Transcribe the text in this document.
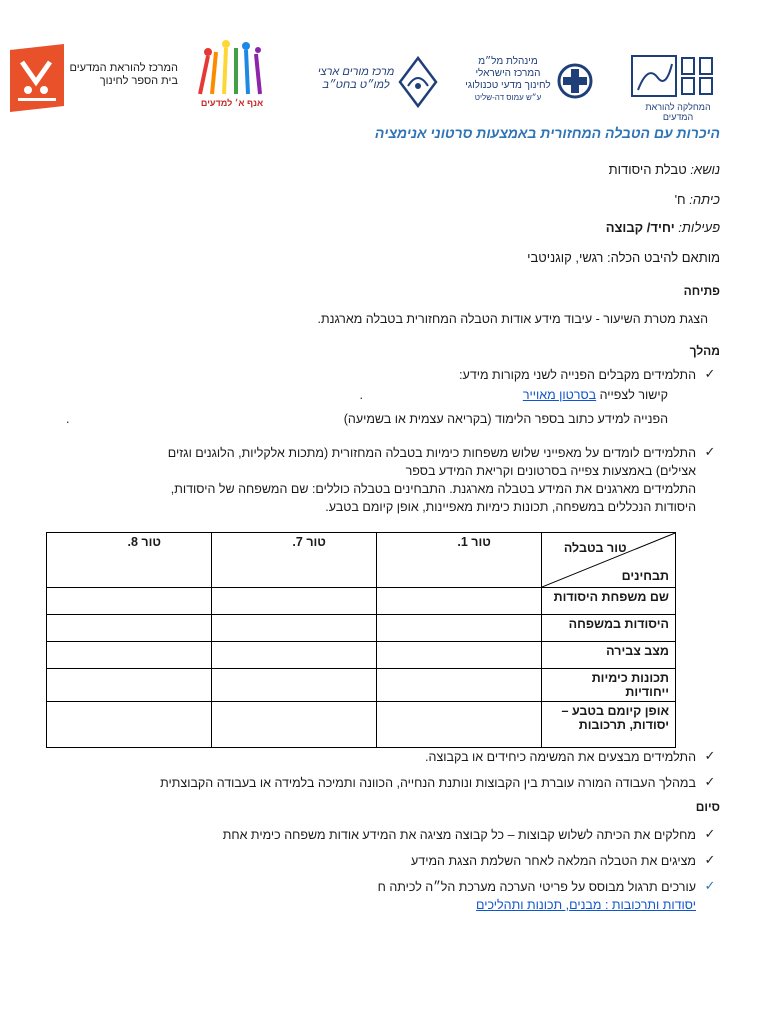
המרכז להוראת המדעים
בית הספר לחינוך
אנף א׳ למדעים
מרכז מורים ארצי
למו״ט בחט״ב
מינהלת מל״מ
המרכז הישראלי
לחינוך מדעי טכנולוגי
ע״ש עמוס דה-שליט
המחלקה להוראת המדעים
היכרות עם הטבלה המחזורית באמצעות סרטוני אנימציה
נושא: טבלת היסודות
כיתה: ח'
פעילות: יחיד/ קבוצה
מותאם להיבט הכלה: רגשי, קוגניטבי
פתיחה
הצגת מטרת השיעור - עיבוד מידע אודות הטבלה המחזורית בטבלה מארגנת.
מהלך
✓
התלמידים מקבלים הפנייה לשני מקורות מידע:
קישור לצפייה בסרטון מאוייר
.
הפנייה למידע כתוב בספר הלימוד (בקריאה עצמית או בשמיעה)
.
✓
התלמידים לומדים על מאפייני שלוש משפחות כימיות בטבלה המחזורית (מתכות אלקליות, הלוגנים וגזים
אצילים) באמצעות צפייה בסרטונים וקריאת המידע בספר
התלמידים מארגנים את המידע בטבלה מארגנת. התבחינים בטבלה כוללים: שם המשפחה של היסודות,
היסודות הנכללים במשפחה, תכונות כימיות מאפיינות, אופן קיומם בטבע.
טור בטבלה
תבחינים	טור 1.	טור 7.	טור 8.
שם משפחת היסודות			
היסודות במשפחה			
מצב צבירה			
תכונות כימיות ייחודיות			
אופן קיומם בטבע – יסודות, תרכובות			
✓
התלמידים מבצעים את המשימה כיחידים או בקבוצה.
✓
במהלך העבודה המורה עוברת בין הקבוצות ונותנת הנחייה, הכוונה ותמיכה בלמידה או בעבודה הקבוצתית
סיום
✓
מחלקים את הכיתה לשלוש קבוצות – כל קבוצה מציגה את המידע אודות משפחה כימית אחת
✓
מציגים את הטבלה המלאה לאחר השלמת הצגת המידע
✓
עורכים תרגול מבוסס על פריטי הערכה מערכת הל״ה לכיתה ח
יסודות ותרכובות : מבנים, תכונות ותהליכים
